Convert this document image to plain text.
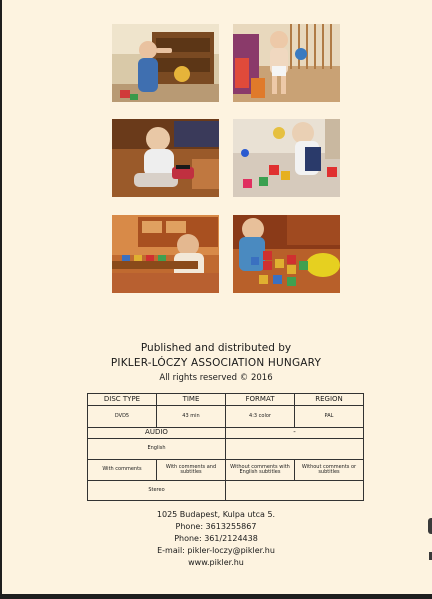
Published and distributed by
PIKLER-LÓCZY ASSOCIATION HUNGARY
All rights reserved © 2016
DISC TYPE	TIME	FORMAT	REGION
DVD5	43 min	4:3 color	PAL
AUDIO		-	
English			
With comments	With comments and subtitles	Without comments with English subtitles	Without comments or subtitles
Stereo			
1025 Budapest, Kulpa utca 5.
Phone: 3613255867
Phone: 361/2124438
E-mail: pikler-loczy@pikler.hu
www.pikler.hu
